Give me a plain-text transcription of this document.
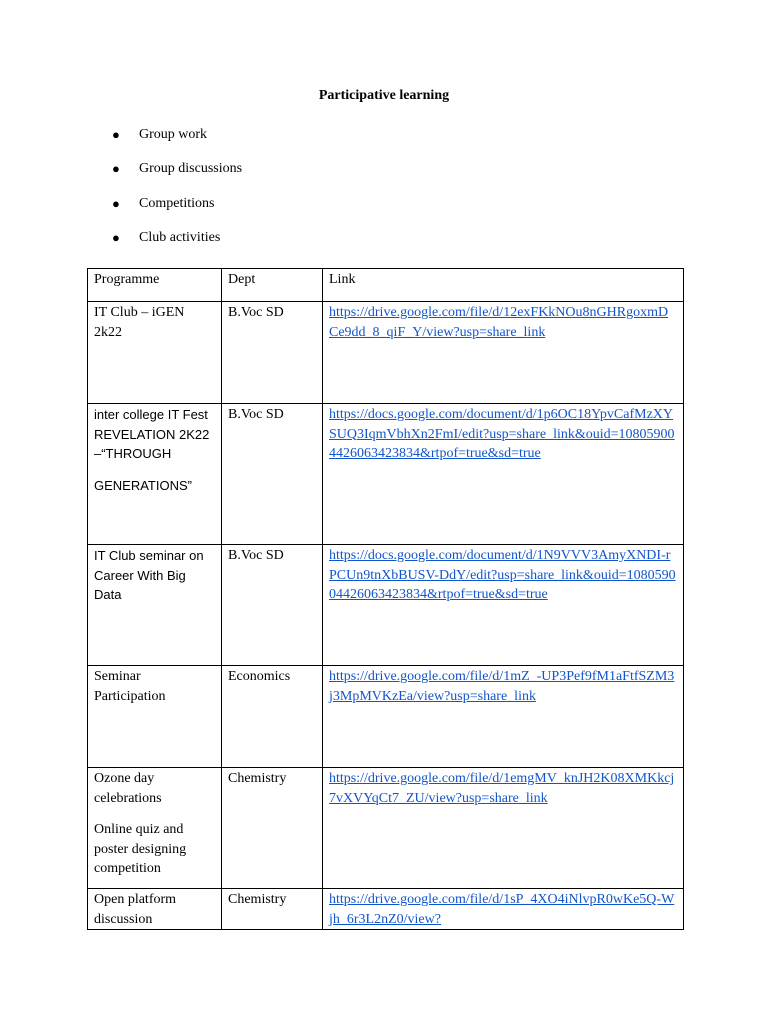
Participative learning
● Group work
● Group discussions
● Competitions
● Club activities
Programme	Dept	Link

IT Club – iGEN 2k22	B.Voc SD	https://drive.google.com/file/d/12exFKkNOu8nGHRgoxmDCe9dd_8_qiF_Y/view?usp=share_link

inter college IT Fest REVELATION 2K22 –“THROUGH

GENERATIONS”	B.Voc SD	https://docs.google.com/document/d/1p6OC18YpvCafMzXYSUQ3IqmVbhXn2FmI/edit?usp=share_link&ouid=108059004426063423834&rtpof=true&sd=true

IT Club seminar on Career With Big Data	B.Voc SD	https://docs.google.com/document/d/1N9VVV3AmyXNDI-rPCUn9tnXbBUSV-DdY/edit?usp=share_link&ouid=108059004426063423834&rtpof=true&sd=true

Seminar Participation	Economics	https://drive.google.com/file/d/1mZ_-UP3Pef9fM1aFtfSZM3j3MpMVKzEa/view?usp=share_link

Ozone day celebrations

Online quiz and poster designing competition	Chemistry	https://drive.google.com/file/d/1emgMV_knJH2K08XMKkcj7vXVYqCt7_ZU/view?usp=share_link

Open platform discussion	Chemistry	https://drive.google.com/file/d/1sP_4XO4iNlvpR0wKe5Q-Wjh_6r3L2nZ0/view?
